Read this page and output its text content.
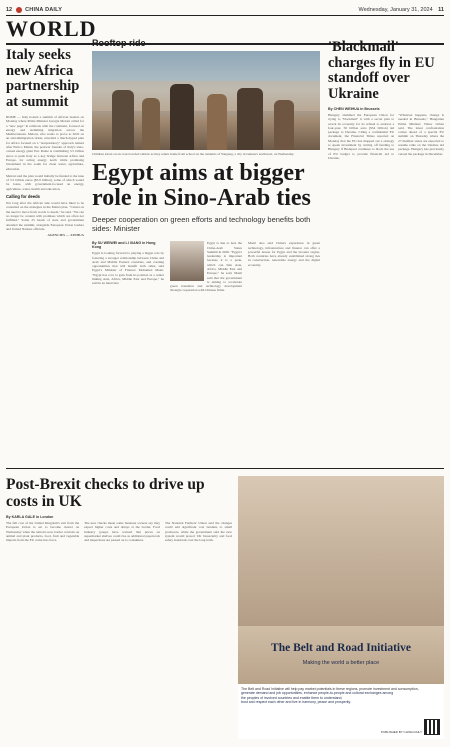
12 CHINA DAILY	Wednesday, January 31, 2024 11
WORLD
Italy seeks new Africa partnership at summit

ROME — Italy hosted a summit of African leaders on Monday where Prime Minister Giorgia Meloni called for a "new page" in relations with the continent, focused on energy and stemming migration across the Mediterranean. Meloni, who wants to prove to 2022 on an anti-immigration ticket, unveiled a much-hyped plan for Africa focused on a "nonpredatory" approach named after Enrico Mattei, the postwar founder of Italy's state-owned energy giant Eni. Rome is committing 5.5 billion euros to push Italy as a key bridge between Africa and Europe, for acting energy north while promising investment in the south for clean water, agriculture, education.

Meloni said the plan would initially be funded to the tune of 5.5 billion euros ($5.9 billion), some of which would be loans, with government-focused on energy, agriculture, water, health and education.

Calling for deeds

Not long after the African side would have liked to be consulted on the strategies in the Mattei plan. "I insist on the need to move from words to deeds," he said. "We can no longer be content with promises which are often not fulfilled." Some 25 heads of state and government attended the summit, alongside European Union leaders and United Nations officials.

AGENCIES — XINHUA

Rooftop ride

Children travel on an overcrowded vehicle as they return home from school on the outskirts of Yangang, a city in Guinea's northwest, on Wednesday.

Egypt aims at bigger role in Sino-Arab ties

Deeper cooperation on green efforts and technology benefits both sides: Minister

By SU WEIWEI and LI XIANG in Hong Kong

Egypt is looking forward to playing a bigger role by fostering a stronger relationship between China and Arab and Middle Eastern countries, and creating opportunities that will benefit both sides, said Egypt's Minister of Finance Mohamed Maait. "Egypt has a lot to gain from its position as a center linking Asia, Africa, Middle East and Europe," he said in an interview.

Egypt is due to host the China-Arab States Summit in 2026. "Egypt's leadership is important because it is a peak, which can link Asia, Africa, Middle East and Europe," he said. Maait said that the government is aiming to accelerate green transition and technology development through cooperation with Chinese firms.

Maait also said China's experience in green technology, infrastructure and finance can offer a powerful lesson for Egypt and the broader region. Both countries have already established strong ties in construction, renewable energy and the digital economy.

'Blackmail' charges fly in EU standoff over Ukraine

By CHEN WEIHUA in Brussels

Hungary slammed the European Union for trying to "blackmail" it with a secret plan to wreck its economy for its refusal to endorse a four-year, 50 billion euro ($54 billion) aid package to Ukraine. Citing a confidential EU document, the Financial Times reported on Monday that the EU has mapped out a strategy to speak investment by cutting off funding to Hungary if Budapest continues to block the use of EU budget to provide financial aid to Ukraine.

"Whatever happens, change is needed in Brussels," Hungarian Prime Minister Viktor Orban said. The latest confrontation comes ahead of a special EU summit on Thursday where the 27 member states are expected to resume talks on the Ukraine aid package. Hungary has previously vetoed the package in December.

Post-Brexit checks to drive up costs in UK

By KARLA GALE in London

The full cost of the United Kingdom's exit from the European Union is set to become clearer on Wednesday when the nation's new border controls on animal and plant products, food, fruit and vegetable imports from the EU come into force.

The new checks mean some business owners say they expect higher costs and delays at the border. Food industry groups have warned that prices on supermarket shelves could rise as additional paperwork and inspections are passed on to consumers.

The National Farmers' Union said the changes could add significant cost burdens to small producers, while the government said the new system would protect UK biosecurity and food safety standards over the long term.

The Belt and Road Initiative
Making the world a better place

The Belt and Road Initiative will help pay market potentials in these regions, promote investment and consumption,

generate demand and job opportunities, enhance people-to-people and cultural exchanges among
the peoples of involved countries and enable them to understand,
trust and respect each other and live in harmony, peace and prosperity.
PUBLISHED BY CHINA DAILY
